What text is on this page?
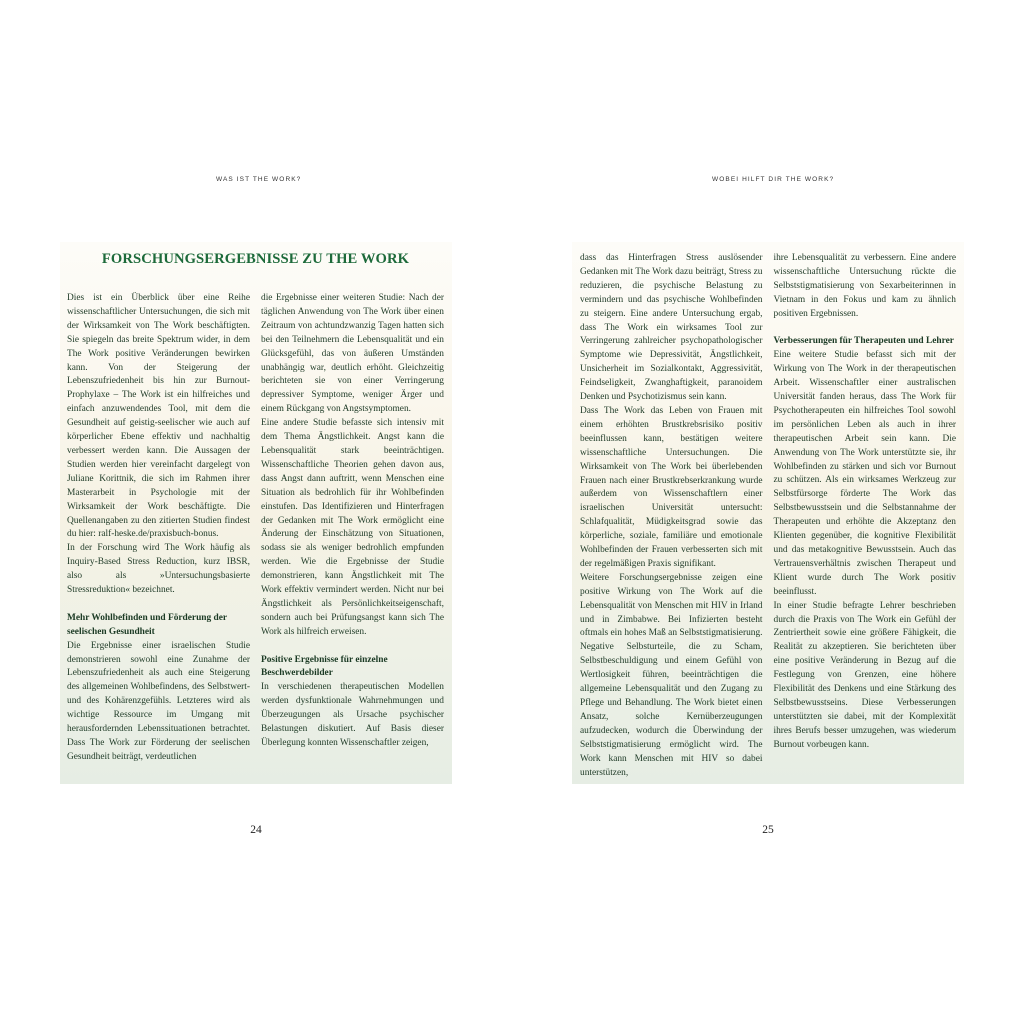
WAS IST THE WORK?
FORSCHUNGSERGEBNISSE ZU THE WORK

Dies ist ein Überblick über eine Reihe wissenschaftlicher Untersuchungen, die sich mit der Wirksamkeit von The Work beschäftigten. Sie spiegeln das breite Spektrum wider, in dem The Work positive Veränderungen bewirken kann. Von der Steigerung der Lebenszufriedenheit bis hin zur Burnout-Prophylaxe – The Work ist ein hilfreiches und einfach anzuwendendes Tool, mit dem die Gesundheit auf geistig-seelischer wie auch auf körperlicher Ebene effektiv und nachhaltig verbessert werden kann. Die Aussagen der Studien werden hier vereinfacht dargelegt von Juliane Korittnik, die sich im Rahmen ihrer Masterarbeit in Psychologie mit der Wirksamkeit der Work beschäftigte. Die Quellenangaben zu den zitierten Studien findest du hier: ralf-heske.de/praxisbuch-bonus.

In der Forschung wird The Work häufig als Inquiry-Based Stress Reduction, kurz IBSR, also als »Untersuchungsbasierte Stressreduktion« bezeichnet.

Mehr Wohlbefinden und Förderung der seelischen Gesundheit

Die Ergebnisse einer israelischen Studie demonstrieren sowohl eine Zunahme der Lebenszufriedenheit als auch eine Steigerung des allgemeinen Wohlbefindens, des Selbstwert- und des Kohärenzgefühls. Letzteres wird als wichtige Ressource im Umgang mit herausfordernden Lebenssituationen betrachtet. Dass The Work zur Förderung der seelischen Gesundheit beiträgt, verdeutlichen

die Ergebnisse einer weiteren Studie: Nach der täglichen Anwendung von The Work über einen Zeitraum von achtundzwanzig Tagen hatten sich bei den Teilnehmern die Lebensqualität und ein Glücksgefühl, das von äußeren Umständen unabhängig war, deutlich erhöht. Gleichzeitig berichteten sie von einer Verringerung depressiver Symptome, weniger Ärger und einem Rückgang von Angstsymptomen.

Eine andere Studie befasste sich intensiv mit dem Thema Ängstlichkeit. Angst kann die Lebensqualität stark beeinträchtigen. Wissenschaftliche Theorien gehen davon aus, dass Angst dann auftritt, wenn Menschen eine Situation als bedrohlich für ihr Wohlbefinden einstufen. Das Identifizieren und Hinterfragen der Gedanken mit The Work ermöglicht eine Änderung der Einschätzung von Situationen, sodass sie als weniger bedrohlich empfunden werden. Wie die Ergebnisse der Studie demonstrieren, kann Ängstlichkeit mit The Work effektiv vermindert werden. Nicht nur bei Ängstlichkeit als Persönlichkeitseigenschaft, sondern auch bei Prüfungsangst kann sich The Work als hilfreich erweisen.

Positive Ergebnisse für einzelne Beschwerdebilder

In verschiedenen therapeutischen Modellen werden dysfunktionale Wahrnehmungen und Überzeugungen als Ursache psychischer Belastungen diskutiert. Auf Basis dieser Überlegung konnten Wissenschaftler zeigen,

24
WOBEI HILFT DIR THE WORK?

dass das Hinterfragen Stress auslösender Gedanken mit The Work dazu beiträgt, Stress zu reduzieren, die psychische Belastung zu vermindern und das psychische Wohlbefinden zu steigern. Eine andere Untersuchung ergab, dass The Work ein wirksames Tool zur Verringerung zahlreicher psychopathologischer Symptome wie Depressivität, Ängstlichkeit, Unsicherheit im Sozialkontakt, Aggressivität, Feindseligkeit, Zwanghaftigkeit, paranoidem Denken und Psychotizismus sein kann.

Dass The Work das Leben von Frauen mit einem erhöhten Brustkrebsrisiko positiv beeinflussen kann, bestätigen weitere wissenschaftliche Untersuchungen. Die Wirksamkeit von The Work bei überlebenden Frauen nach einer Brustkrebserkrankung wurde außerdem von Wissenschaftlern einer israelischen Universität untersucht: Schlafqualität, Müdigkeitsgrad sowie das körperliche, soziale, familiäre und emotionale Wohlbefinden der Frauen verbesserten sich mit der regelmäßigen Praxis signifikant.

Weitere Forschungsergebnisse zeigen eine positive Wirkung von The Work auf die Lebensqualität von Menschen mit HIV in Irland und in Zimbabwe. Bei Infizierten besteht oftmals ein hohes Maß an Selbststigmatisierung. Negative Selbsturteile, die zu Scham, Selbstbeschuldigung und einem Gefühl von Wertlosigkeit führen, beeinträchtigen die allgemeine Lebensqualität und den Zugang zu Pflege und Behandlung. The Work bietet einen Ansatz, solche Kernüberzeugungen aufzudecken, wodurch die Überwindung der Selbststigmatisierung ermöglicht wird. The Work kann Menschen mit HIV so dabei unterstützen,

ihre Lebensqualität zu verbessern. Eine andere wissenschaftliche Untersuchung rückte die Selbststigmatisierung von Sexarbeiterinnen in Vietnam in den Fokus und kam zu ähnlich positiven Ergebnissen.

Verbesserungen für Therapeuten und Lehrer

Eine weitere Studie befasst sich mit der Wirkung von The Work in der therapeutischen Arbeit. Wissenschaftler einer australischen Universität fanden heraus, dass The Work für Psychotherapeuten ein hilfreiches Tool sowohl im persönlichen Leben als auch in ihrer therapeutischen Arbeit sein kann. Die Anwendung von The Work unterstützte sie, ihr Wohlbefinden zu stärken und sich vor Burnout zu schützen. Als ein wirksames Werkzeug zur Selbstfürsorge förderte The Work das Selbstbewusstsein und die Selbstannahme der Therapeuten und erhöhte die Akzeptanz den Klienten gegenüber, die kognitive Flexibilität und das metakognitive Bewusstsein. Auch das Vertrauensverhältnis zwischen Therapeut und Klient wurde durch The Work positiv beeinflusst.

In einer Studie befragte Lehrer beschrieben durch die Praxis von The Work ein Gefühl der Zentriertheit sowie eine größere Fähigkeit, die Realität zu akzeptieren. Sie berichteten über eine positive Veränderung in Bezug auf die Festlegung von Grenzen, eine höhere Flexibilität des Denkens und eine Stärkung des Selbstbewusstseins. Diese Verbesserungen unterstützten sie dabei, mit der Komplexität ihres Berufs besser umzugehen, was wiederum Burnout vorbeugen kann.

25
